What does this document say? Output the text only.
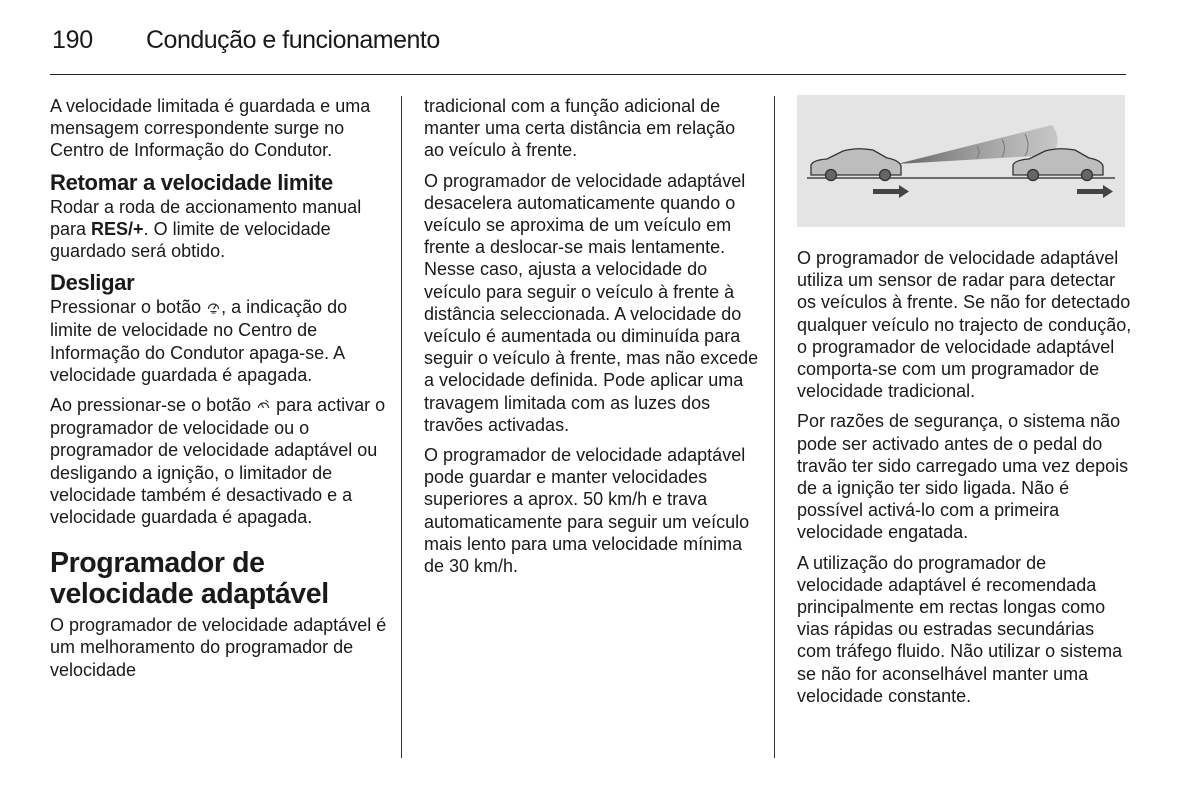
190 Condução e funcionamento

A velocidade limitada é guardada e uma mensagem correspondente surge no Centro de Informação do Condutor.

Retomar a velocidade limite

Rodar a roda de accionamento manual para RES/+. O limite de velocidade guardado será obtido.

Desligar

Pressionar o botão , a indicação do limite de velocidade no Centro de Informação do Condutor apaga-se. A velocidade guardada é apagada.

Ao pressionar-se o botão  para activar o programador de velocidade ou o programador de velocidade adaptável ou desligando a ignição, o limitador de velocidade também é desactivado e a velocidade guardada é apagada.

Programador de velocidade adaptável

O programador de velocidade adaptável é um melhoramento do programador de velocidade

tradicional com a função adicional de manter uma certa distância em relação ao veículo à frente.

O programador de velocidade adaptável desacelera automaticamente quando o veículo se aproxima de um veículo em frente a deslocar-se mais lentamente. Nesse caso, ajusta a velocidade do veículo para seguir o veículo à frente à distância seleccionada. A velocidade do veículo é aumentada ou diminuída para seguir o veículo à frente, mas não excede a velocidade definida. Pode aplicar uma travagem limitada com as luzes dos travões activadas.

O programador de velocidade adaptável pode guardar e manter velocidades superiores a aprox. 50 km/h e trava automaticamente para seguir um veículo mais lento para uma velocidade mínima de 30 km/h.

O programador de velocidade adaptável utiliza um sensor de radar para detectar os veículos à frente. Se não for detectado qualquer veículo no trajecto de condução, o programador de velocidade adaptável comporta-se com um programador de velocidade tradicional.

Por razões de segurança, o sistema não pode ser activado antes de o pedal do travão ter sido carregado uma vez depois de a ignição ter sido ligada. Não é possível activá-lo com a primeira velocidade engatada.

A utilização do programador de velocidade adaptável é recomendada principalmente em rectas longas como vias rápidas ou estradas secundárias com tráfego fluido. Não utilizar o sistema se não for aconselhável manter uma velocidade constante.
